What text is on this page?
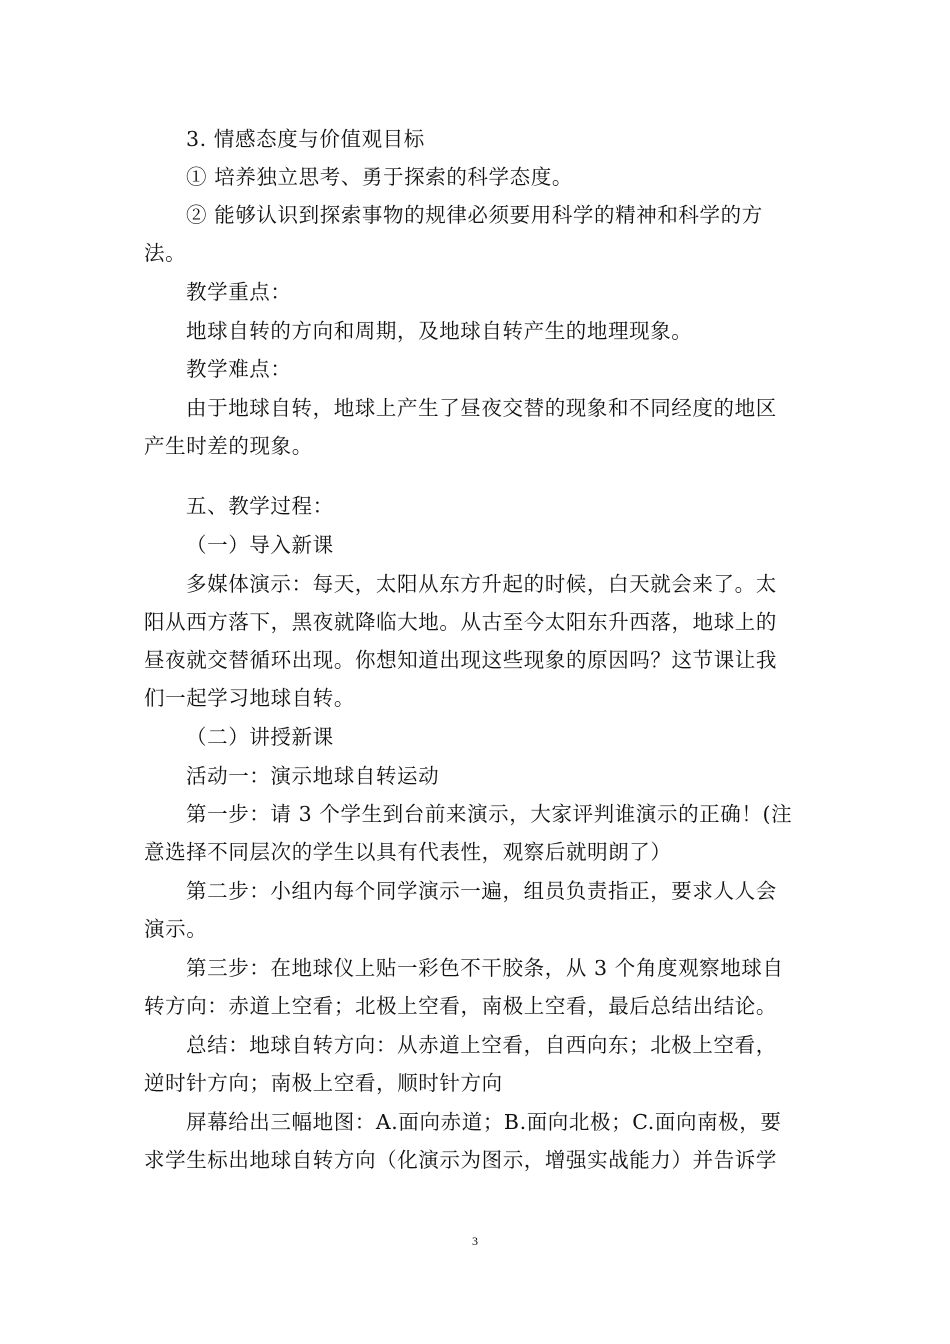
3. 情感态度与价值观目标
① 培养独立思考、勇于探索的科学态度。
② 能够认识到探索事物的规律必须要用科学的精神和科学的方
法。
教学重点：
地球自转的方向和周期，及地球自转产生的地理现象。
教学难点：
由于地球自转，地球上产生了昼夜交替的现象和不同经度的地区
产生时差的现象。
五、教学过程：
（一）导入新课
多媒体演示：每天，太阳从东方升起的时候，白天就会来了。太
阳从西方落下，黑夜就降临大地。从古至今太阳东升西落，地球上的
昼夜就交替循环出现。你想知道出现这些现象的原因吗？这节课让我
们一起学习地球自转。
（二）讲授新课
活动一：演示地球自转运动
第一步：请 3 个学生到台前来演示，大家评判谁演示的正确！(注
意选择不同层次的学生以具有代表性，观察后就明朗了）
第二步：小组内每个同学演示一遍，组员负责指正，要求人人会
演示。
第三步：在地球仪上贴一彩色不干胶条，从 3 个角度观察地球自
转方向：赤道上空看；北极上空看，南极上空看，最后总结出结论。
总结：地球自转方向：从赤道上空看，自西向东；北极上空看，
逆时针方向；南极上空看，顺时针方向
屏幕给出三幅地图：A.面向赤道；B.面向北极；C.面向南极，要
求学生标出地球自转方向（化演示为图示，增强实战能力）并告诉学
3
